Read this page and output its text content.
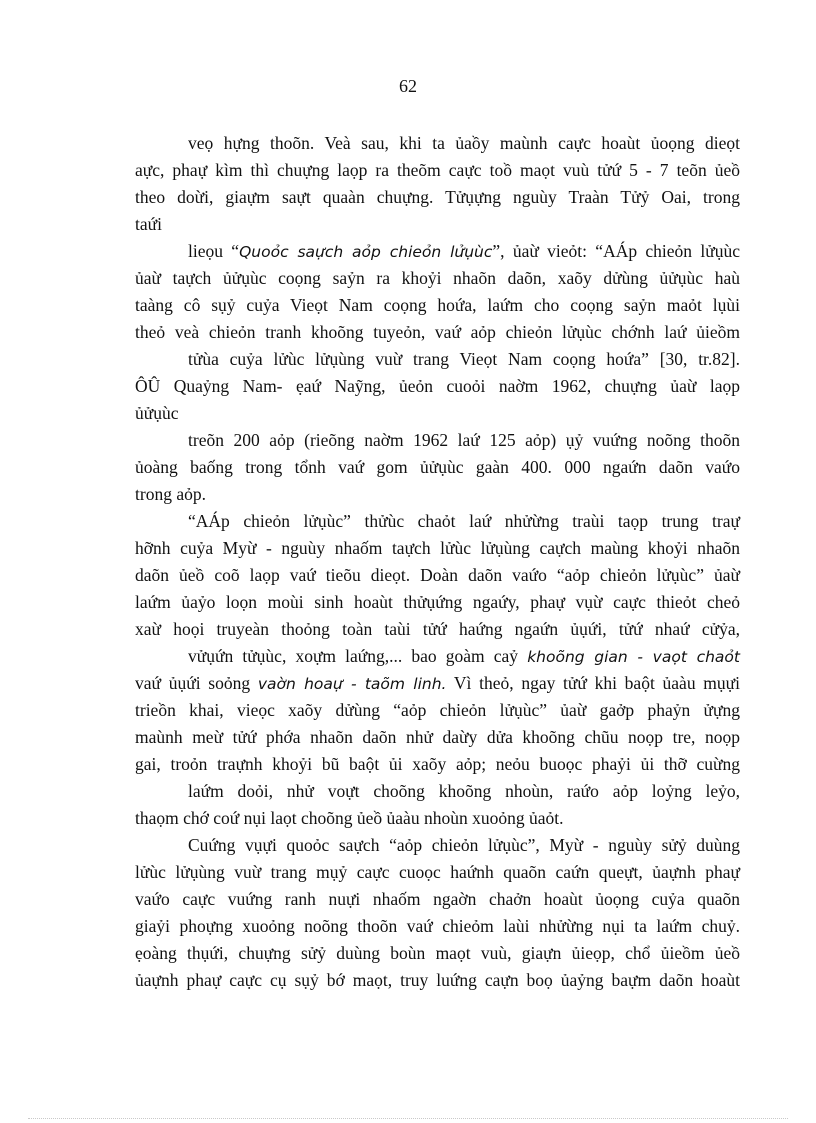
62
veọ hựng thoõn. Veà sau, khi ta ủaồy maùnh caực hoaùt ủoọng dieọt
aực, phaự kìm thì chuựng laọp ra theõm caực toồ maọt vuù tửứ 5 - 7 teõn ủeồ
theo doừi, giaựm saựt quaàn chuựng. Tửụựng nguùy Traàn Tửỷ Oai, trong
taứi
lieọu “Quoỏc saựch aỏp chieỏn lửụùc”, ủaừ vieỏt: “AÁp chieỏn lửụùc
ủaừ taựch ủửụùc coọng saỷn ra khoỷi nhaõn daõn, xaõy dửùng ủửụùc haù
taàng cô sụỷ cuỷa Vieọt Nam coọng hoứa, laứm cho coọng saỷn maỏt lụùi
theỏ veà chieỏn tranh khoõng tuyeỏn, vaứ aỏp chieỏn lửụùc chớnh laứ ủieồm
tửùa cuỷa lửùc lửụùng vuừ trang Vieọt Nam coọng hoứa” [30, tr.82].
ÔÛ Quaỷng Nam- ẹaứ Naỹng, ủeỏn cuoỏi naờm 1962, chuựng ủaừ laọp
ủửụùc
treõn 200 aỏp (rieõng naờm 1962 laứ 125 aỏp) ụỷ vuứng noõng thoõn
ủoàng baống trong tổnh vaứ gom ủửụùc gaàn 400. 000 ngaứn daõn vaứo
trong aỏp.
“AÁp chieỏn lửụùc” thửùc chaỏt laứ nhửừng traùi taọp trung traự
hỡnh cuỷa Myừ - nguùy nhaốm taựch lửùc lửụùng caựch maùng khoỷi nhaõn
daõn ủeồ coõ laọp vaứ tieõu dieọt. Doàn daõn vaứo “aỏp chieỏn lửụùc” ủaừ
laứm ủaỷo loọn moùi sinh hoaùt thửụứng ngaứy, phaự vụừ caực thieỏt cheỏ
xaừ hoọi truyeàn thoỏng toàn taùi tửứ haứng ngaứn ủụứi, tửứ nhaứ cửỷa,
vửụứn tửụùc, xoựm laứng,... bao goàm caỷ khoõng gian - vaọt chaỏt
vaứ ủụứi soỏng vaờn hoaự - taõm linh. Vì theỏ, ngay tửứ khi baột ủaàu mụựi
trieồn khai, vieọc xaõy dửùng “aỏp chieỏn lửụùc” ủaừ gaởp phaỷn ửựng
maùnh meừ tửứ phớa nhaõn daõn nhử daừy dửa khoõng chũu noọp tre, noọp
gai, troỏn traựnh khoỷi bũ baột ủi xaõy aỏp; neỏu buoọc phaỷi ủi thỡ cuừng
laứm doỏi, nhử voựt choõng khoõng nhoùn, raứo aỏp loỷng leỷo,
thaọm chớ coứ nụi laọt choõng ủeồ ủaàu nhoùn xuoỏng ủaỏt.
Cuứng vụựi quoỏc saựch “aỏp chieỏn lửụùc”, Myừ - nguùy sửỷ duùng
lửùc lửụùng vuừ trang mụỷ caực cuoọc haứnh quaõn caứn queựt, ủaựnh phaự
vaứo caực vuứng ranh nuựi nhaốm ngaờn chaởn hoaùt ủoọng cuỷa quaõn
giaỷi phoựng xuoỏng noõng thoõn vaứ chieỏm laùi nhửừng nụi ta laứm chuỷ.
ẹoàng thụứi, chuựng sửỷ duùng boùn maọt vuù, giaựn ủieọp, chổ ủieồm ủeồ
ủaựnh phaự caực cụ sụỷ bớ maọt, truy luứng caựn boọ ủaỷng baựm daõn hoaùt
